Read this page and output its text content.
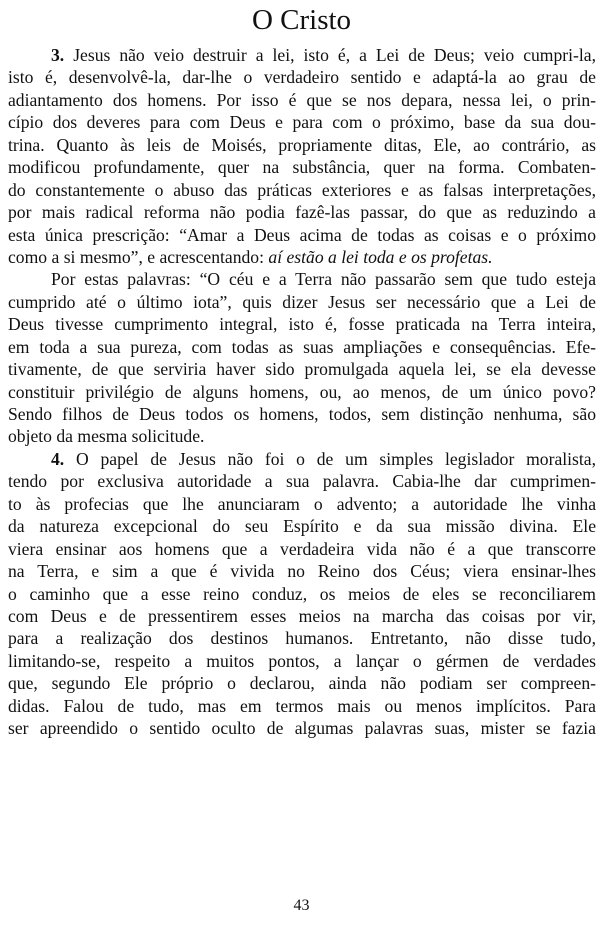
O Cristo
3. Jesus não veio destruir a lei, isto é, a Lei de Deus; veio cumpri-la,
isto é, desenvolvê-la, dar-lhe o verdadeiro sentido e adaptá-la ao grau de
adiantamento dos homens. Por isso é que se nos depara, nessa lei, o prin-
cípio dos deveres para com Deus e para com o próximo, base da sua dou-
trina. Quanto às leis de Moisés, propriamente ditas, Ele, ao contrário, as
modificou profundamente, quer na substância, quer na forma. Combaten-
do constantemente o abuso das práticas exteriores e as falsas interpretações,
por mais radical reforma não podia fazê-las passar, do que as reduzindo a
esta única prescrição: “Amar a Deus acima de todas as coisas e o próximo
como a si mesmo”, e acrescentando: aí estão a lei toda e os profetas.
Por estas palavras: “O céu e a Terra não passarão sem que tudo esteja
cumprido até o último iota”, quis dizer Jesus ser necessário que a Lei de
Deus tivesse cumprimento integral, isto é, fosse praticada na Terra inteira,
em toda a sua pureza, com todas as suas ampliações e consequências. Efe-
tivamente, de que serviria haver sido promulgada aquela lei, se ela devesse
constituir privilégio de alguns homens, ou, ao menos, de um único povo?
Sendo filhos de Deus todos os homens, todos, sem distinção nenhuma, são
objeto da mesma solicitude.
4. O papel de Jesus não foi o de um simples legislador moralista,
tendo por exclusiva autoridade a sua palavra. Cabia-lhe dar cumprimen-
to às profecias que lhe anunciaram o advento; a autoridade lhe vinha
da natureza excepcional do seu Espírito e da sua missão divina. Ele
viera ensinar aos homens que a verdadeira vida não é a que transcorre
na Terra, e sim a que é vivida no Reino dos Céus; viera ensinar-lhes
o caminho que a esse reino conduz, os meios de eles se reconciliarem
com Deus e de pressentirem esses meios na marcha das coisas por vir,
para a realização dos destinos humanos. Entretanto, não disse tudo,
limitando-se, respeito a muitos pontos, a lançar o gérmen de verdades
que, segundo Ele próprio o declarou, ainda não podiam ser compreen-
didas. Falou de tudo, mas em termos mais ou menos implícitos. Para
ser apreendido o sentido oculto de algumas palavras suas, mister se fazia
43
